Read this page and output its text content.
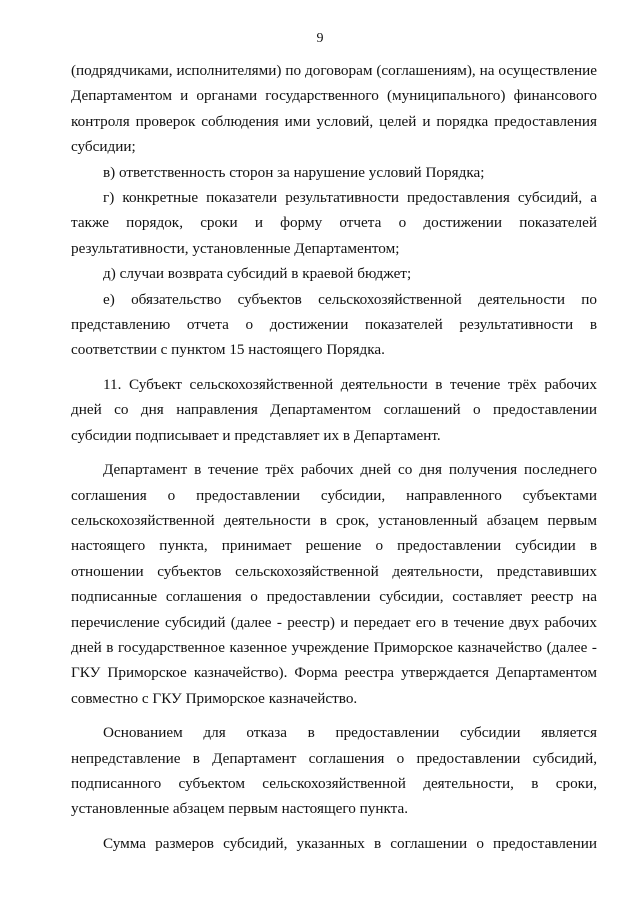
9

(подрядчиками, исполнителями) по договорам (соглашениям), на осуществление Департаментом и органами государственного (муниципального) финансового контроля проверок соблюдения ими условий, целей и порядка предоставления субсидии;

в) ответственность сторон за нарушение условий Порядка;

г) конкретные показатели результативности предоставления субсидий, а также порядок, сроки и форму отчета о достижении показателей результативности, установленные Департаментом;

д) случаи возврата субсидий в краевой бюджет;

е) обязательство субъектов сельскохозяйственной деятельности по представлению отчета о достижении показателей результативности в соответствии с пунктом 15 настоящего Порядка.

11. Субъект сельскохозяйственной деятельности в течение трёх рабочих дней со дня направления Департаментом соглашений о предоставлении субсидии подписывает и представляет их в Департамент.

Департамент в течение трёх рабочих дней со дня получения последнего соглашения о предоставлении субсидии, направленного субъектами сельскохозяйственной деятельности в срок, установленный абзацем первым настоящего пункта, принимает решение о предоставлении субсидии в отношении субъектов сельскохозяйственной деятельности, представивших подписанные соглашения о предоставлении субсидии, составляет реестр на перечисление субсидий (далее - реестр) и передает его в течение двух рабочих дней в государственное казенное учреждение Приморское казначейство (далее - ГКУ Приморское казначейство). Форма реестра утверждается Департаментом совместно с ГКУ Приморское казначейство.

Основанием для отказа в предоставлении субсидии является непредставление в Департамент соглашения о предоставлении субсидий, подписанного субъектом сельскохозяйственной деятельности, в сроки, установленные абзацем первым настоящего пункта.

Сумма размеров субсидий, указанных в соглашении о предоставлении
